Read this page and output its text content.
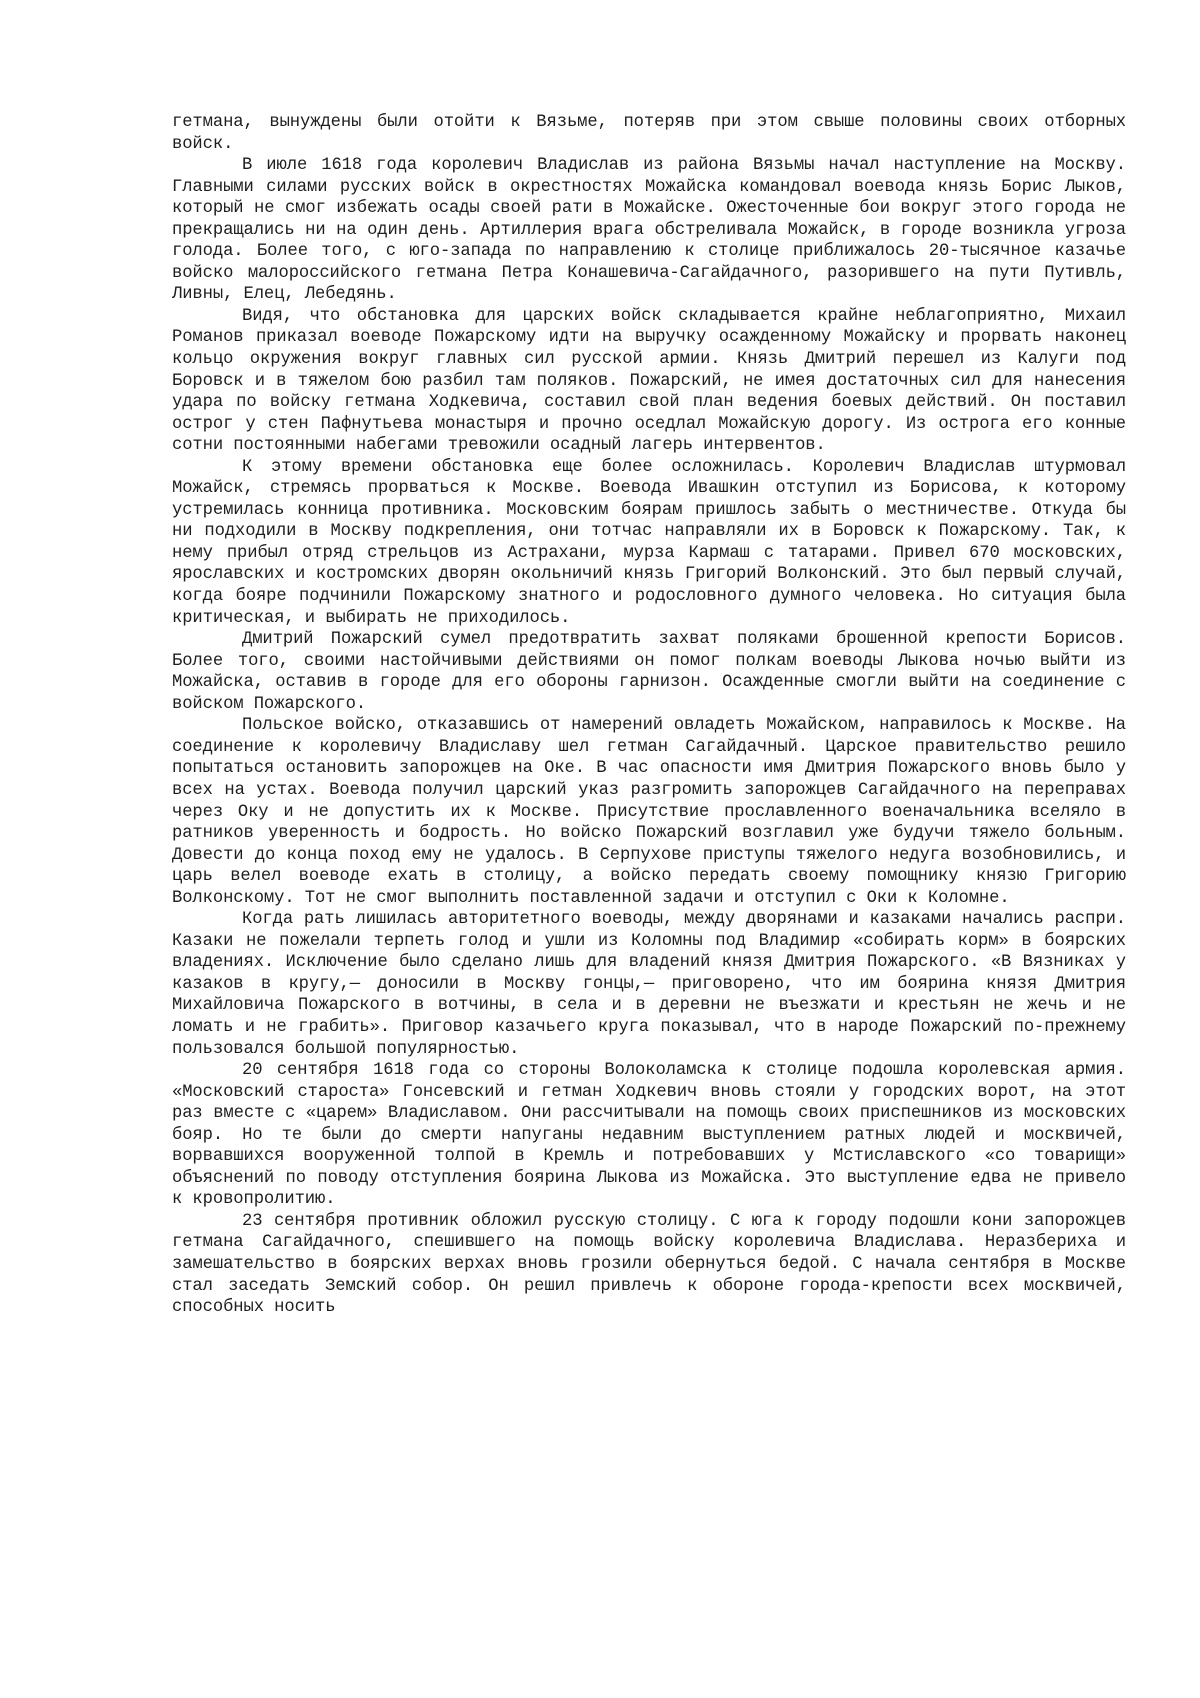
гетмана, вынуждены были отойти к Вязьме, потеряв при этом свыше половины своих отборных войск.

В июле 1618 года королевич Владислав из района Вязьмы начал наступление на Москву. Главными силами русских войск в окрестностях Можайска командовал воевода князь Борис Лыков, который не смог избежать осады своей рати в Можайске. Ожесточенные бои вокруг этого города не прекращались ни на один день. Артиллерия врага обстреливала Можайск, в городе возникла угроза голода. Более того, с юго-запада по направлению к столице приближалось 20-тысячное казачье войско малороссийского гетмана Петра Конашевича-Сагайдачного, разорившего на пути Путивль, Ливны, Елец, Лебедянь.

Видя, что обстановка для царских войск складывается крайне неблагоприятно, Михаил Романов приказал воеводе Пожарскому идти на выручку осажденному Можайску и прорвать наконец кольцо окружения вокруг главных сил русской армии. Князь Дмитрий перешел из Калуги под Боровск и в тяжелом бою разбил там поляков. Пожарский, не имея достаточных сил для нанесения удара по войску гетмана Ходкевича, составил свой план ведения боевых действий. Он поставил острог у стен Пафнутьева монастыря и прочно оседлал Можайскую дорогу. Из острога его конные сотни постоянными набегами тревожили осадный лагерь интервентов.

К этому времени обстановка еще более осложнилась. Королевич Владислав штурмовал Можайск, стремясь прорваться к Москве. Воевода Ивашкин отступил из Борисова, к которому устремилась конница противника. Московским боярам пришлось забыть о местничестве. Откуда бы ни подходили в Москву подкрепления, они тотчас направляли их в Боровск к Пожарскому. Так, к нему прибыл отряд стрельцов из Астрахани, мурза Кармаш с татарами. Привел 670 московских, ярославских и костромских дворян окольничий князь Григорий Волконский. Это был первый случай, когда бояре подчинили Пожарскому знатного и родословного думного человека. Но ситуация была критическая, и выбирать не приходилось.

Дмитрий Пожарский сумел предотвратить захват поляками брошенной крепости Борисов. Более того, своими настойчивыми действиями он помог полкам воеводы Лыкова ночью выйти из Можайска, оставив в городе для его обороны гарнизон. Осажденные смогли выйти на соединение с войском Пожарского.

Польское войско, отказавшись от намерений овладеть Можайском, направилось к Москве. На соединение к королевичу Владиславу шел гетман Сагайдачный. Царское правительство решило попытаться остановить запорожцев на Оке. В час опасности имя Дмитрия Пожарского вновь было у всех на устах. Воевода получил царский указ разгромить запорожцев Сагайдачного на переправах через Оку и не допустить их к Москве. Присутствие прославленного военачальника вселяло в ратников уверенность и бодрость. Но войско Пожарский возглавил уже будучи тяжело больным. Довести до конца поход ему не удалось. В Серпухове приступы тяжелого недуга возобновились, и царь велел воеводе ехать в столицу, а войско передать своему помощнику князю Григорию Волконскому. Тот не смог выполнить поставленной задачи и отступил с Оки к Коломне.

Когда рать лишилась авторитетного воеводы, между дворянами и казаками начались распри. Казаки не пожелали терпеть голод и ушли из Коломны под Владимир «собирать корм» в боярских владениях. Исключение было сделано лишь для владений князя Дмитрия Пожарского. «В Вязниках у казаков в кругу,— доносили в Москву гонцы,— приговорено, что им боярина князя Дмитрия Михайловича Пожарского в вотчины, в села и в деревни не въезжати и крестьян не жечь и не ломать и не грабить». Приговор казачьего круга показывал, что в народе Пожарский по-прежнему пользовался большой популярностью.

20 сентября 1618 года со стороны Волоколамска к столице подошла королевская армия. «Московский староста» Гонсевский и гетман Ходкевич вновь стояли у городских ворот, на этот раз вместе с «царем» Владиславом. Они рассчитывали на помощь своих приспешников из московских бояр. Но те были до смерти напуганы недавним выступлением ратных людей и москвичей, ворвавшихся вооруженной толпой в Кремль и потребовавших у Мстиславского «со товарищи» объяснений по поводу отступления боярина Лыкова из Можайска. Это выступление едва не привело к кровопролитию.

23 сентября противник обложил русскую столицу. С юга к городу подошли кони запорожцев гетмана Сагайдачного, спешившего на помощь войску королевича Владислава. Неразбериха и замешательство в боярских верхах вновь грозили обернуться бедой. С начала сентября в Москве стал заседать Земский собор. Он решил привлечь к обороне города-крепости всех москвичей, способных носить
